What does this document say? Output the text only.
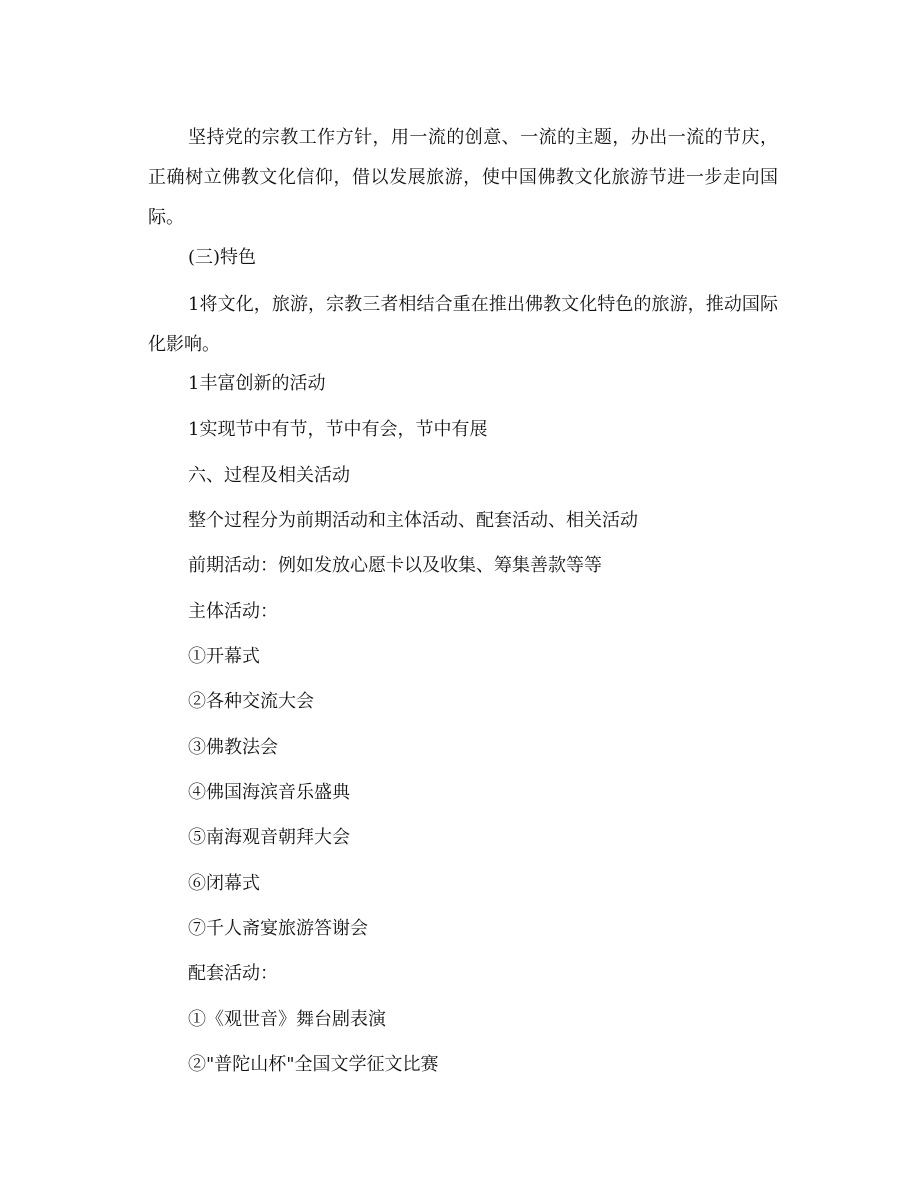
坚持党的宗教工作方针，用一流的创意、一流的主题，办出一流的节庆，正确树立佛教文化信仰，借以发展旅游，使中国佛教文化旅游节进一步走向国际。

(三)特色

1将文化，旅游，宗教三者相结合重在推出佛教文化特色的旅游，推动国际化影响。

1丰富创新的活动

1实现节中有节，节中有会，节中有展

六、过程及相关活动

整个过程分为前期活动和主体活动、配套活动、相关活动

前期活动：例如发放心愿卡以及收集、筹集善款等等

主体活动：

①开幕式

②各种交流大会

③佛教法会

④佛国海滨音乐盛典

⑤南海观音朝拜大会

⑥闭幕式

⑦千人斋宴旅游答谢会

配套活动：

①《观世音》舞台剧表演

②"普陀山杯"全国文学征文比赛
